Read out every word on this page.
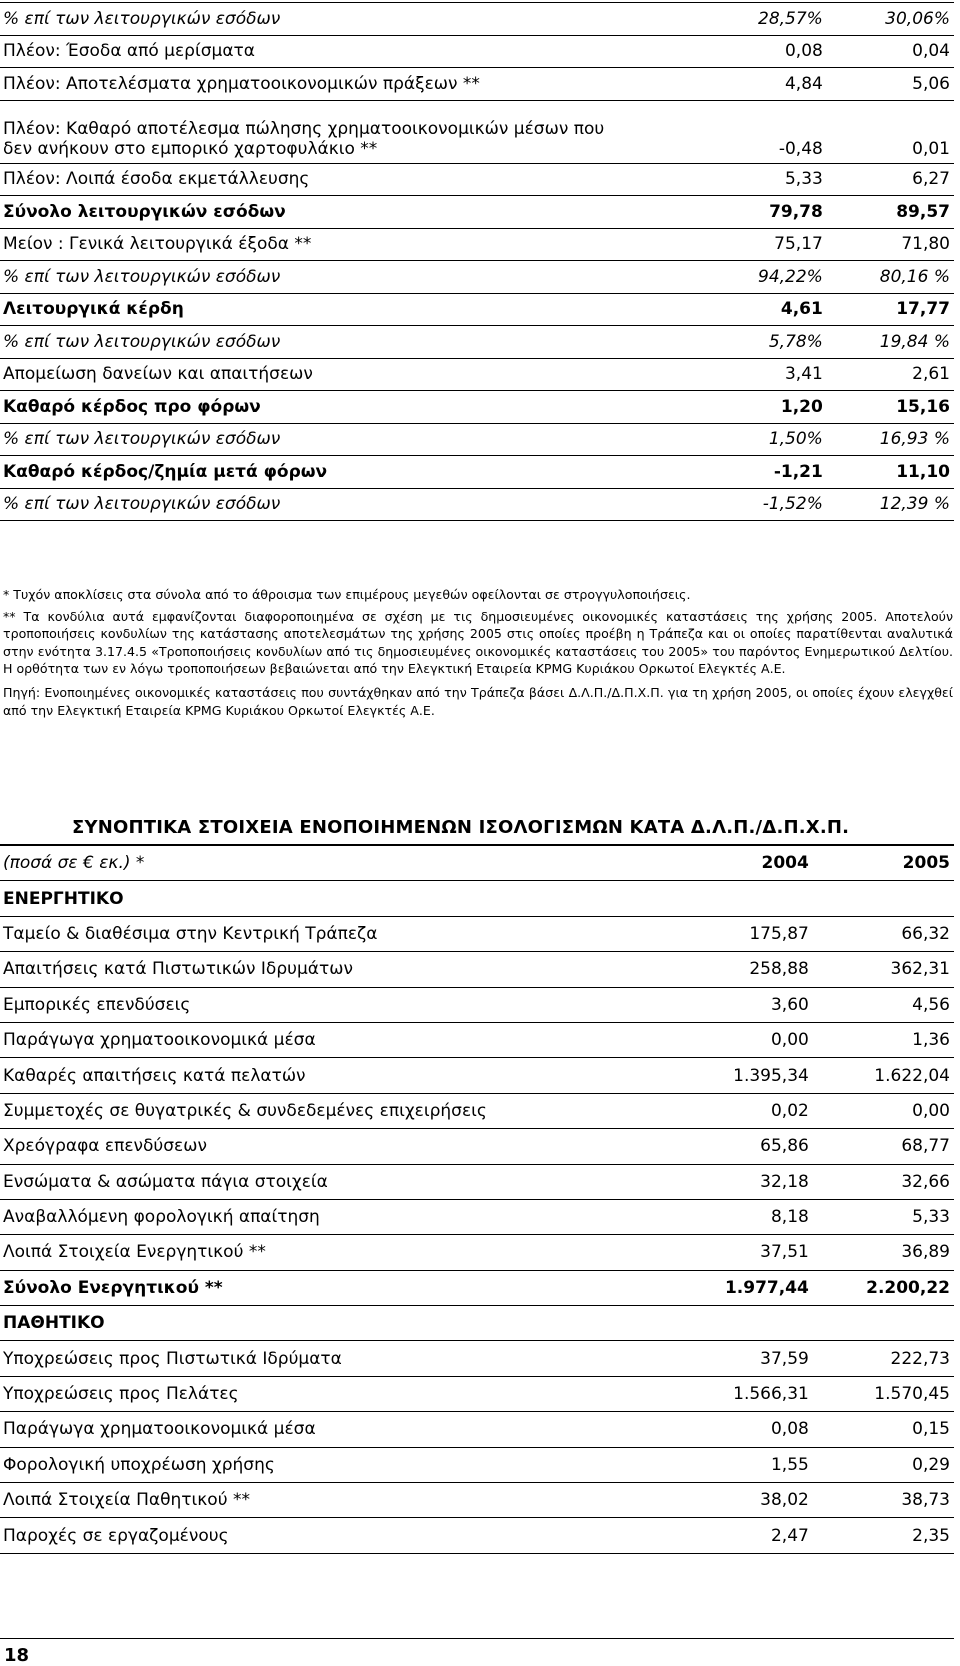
% επί των λειτουργικών εσόδων	28,57%	30,06%
Πλέον: Έσοδα από μερίσματα	0,08	0,04
Πλέον: Αποτελέσματα χρηματοοικονομικών πράξεων **	4,84	5,06

Πλέον: Καθαρό αποτέλεσμα πώλησης χρηματοοικονομικών μέσων που δεν ανήκουν στο εμπορικό χαρτοφυλάκιο **	-0,48	0,01
Πλέον: Λοιπά έσοδα εκμετάλλευσης	5,33	6,27
Σύνολο λειτουργικών εσόδων	79,78	89,57
Μείον : Γενικά λειτουργικά έξοδα **	75,17	71,80
% επί των λειτουργικών εσόδων	94,22%	80,16 %
Λειτουργικά κέρδη	4,61	17,77
% επί των λειτουργικών εσόδων	5,78%	19,84 %
Απομείωση δανείων και απαιτήσεων	3,41	2,61
Καθαρό κέρδος προ φόρων	1,20	15,16
% επί των λειτουργικών εσόδων	1,50%	16,93 %
Καθαρό κέρδος/ζημία μετά φόρων	-1,21	11,10
% επί των λειτουργικών εσόδων	-1,52%	12,39 %

* Τυχόν αποκλίσεις στα σύνολα από το άθροισμα των επιμέρους μεγεθών οφείλονται σε στρογγυλοποιήσεις.

** Τα κονδύλια αυτά εμφανίζονται διαφοροποιημένα σε σχέση με τις δημοσιευμένες οικονομικές καταστάσεις της χρήσης 2005. Αποτελούν τροποποιήσεις κονδυλίων της κατάστασης αποτελεσμάτων της χρήσης 2005 στις οποίες προέβη η Τράπεζα και οι οποίες παρατίθενται αναλυτικά στην ενότητα 3.17.4.5 «Τροποποιήσεις κονδυλίων από τις δημοσιευμένες οικονομικές καταστάσεις του 2005» του παρόντος Ενημερωτικού Δελτίου. Η ορθότητα των εν λόγω τροποποιήσεων βεβαιώνεται από την Ελεγκτική Εταιρεία KPMG Κυριάκου Ορκωτοί Ελεγκτές Α.Ε.

Πηγή: Ενοποιημένες οικονομικές καταστάσεις που συντάχθηκαν από την Τράπεζα βάσει Δ.Λ.Π./Δ.Π.Χ.Π. για τη χρήση 2005, οι οποίες έχουν ελεγχθεί από την Ελεγκτική Εταιρεία KPMG Κυριάκου Ορκωτοί Ελεγκτές Α.Ε.

ΣΥΝΟΠΤΙΚΑ ΣΤΟΙΧΕΙΑ ΕΝΟΠΟΙΗΜΕΝΩΝ ΙΣΟΛΟΓΙΣΜΩΝ ΚΑΤΑ Δ.Λ.Π./Δ.Π.Χ.Π.
(ποσά σε € εκ.) *	2004	2005
ΕΝΕΡΓΗΤΙΚΟ		
Ταμείο & διαθέσιμα στην Κεντρική Τράπεζα	175,87	66,32
Απαιτήσεις κατά Πιστωτικών Ιδρυμάτων	258,88	362,31
Εμπορικές επενδύσεις	3,60	4,56
Παράγωγα χρηματοοικονομικά μέσα	0,00	1,36
Καθαρές απαιτήσεις κατά πελατών	1.395,34	1.622,04
Συμμετοχές σε θυγατρικές & συνδεδεμένες επιχειρήσεις	0,02	0,00
Χρεόγραφα επενδύσεων	65,86	68,77
Ενσώματα & ασώματα πάγια στοιχεία	32,18	32,66
Αναβαλλόμενη φορολογική απαίτηση	8,18	5,33
Λοιπά Στοιχεία Ενεργητικού **	37,51	36,89
Σύνολο Ενεργητικού **	1.977,44	2.200,22
ΠΑΘΗΤΙΚΟ		
Υποχρεώσεις προς Πιστωτικά Ιδρύματα	37,59	222,73
Υποχρεώσεις προς Πελάτες	1.566,31	1.570,45
Παράγωγα χρηματοοικονομικά μέσα	0,08	0,15
Φορολογική υποχρέωση χρήσης	1,55	0,29
Λοιπά Στοιχεία Παθητικού **	38,02	38,73
Παροχές σε εργαζομένους	2,47	2,35
18
